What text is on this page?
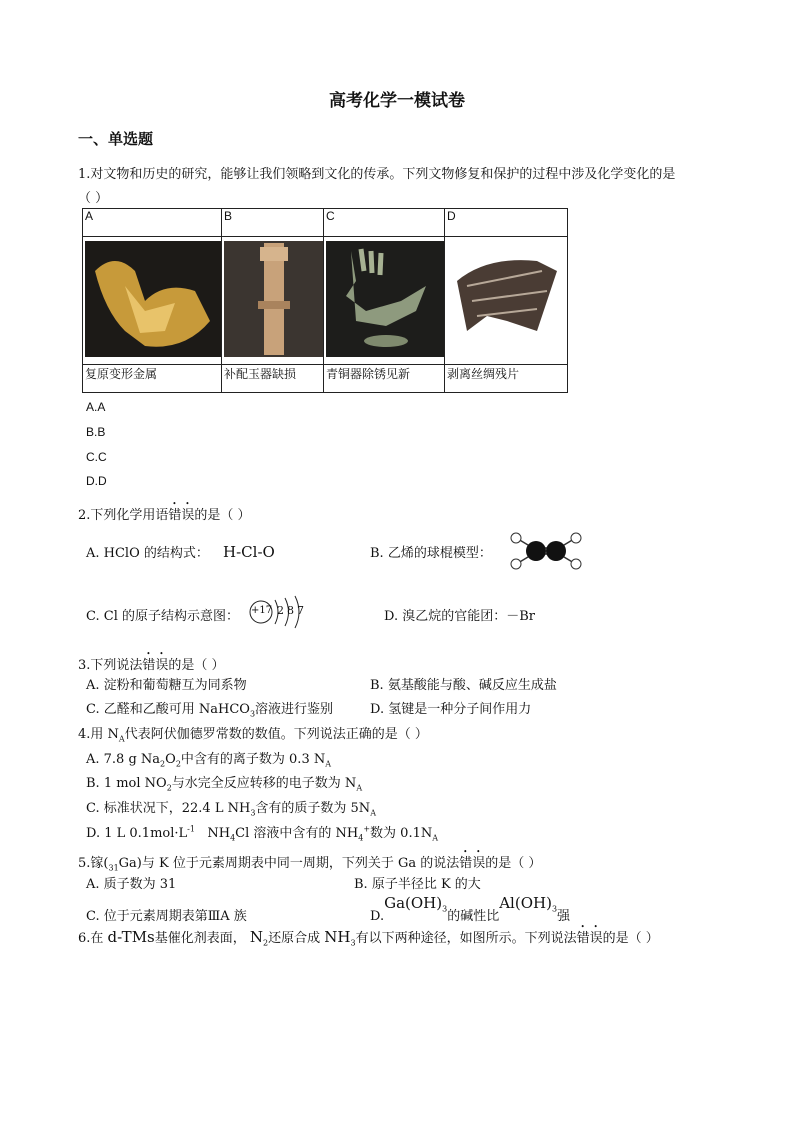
高考化学一模试卷
一、单选题
1.对文物和历史的研究，能够让我们领略到文化的传承。下列文物修复和保护的过程中涉及化学变化的是
（ ）
A	B	C	D

复原变形金属	补配玉器缺损	青铜器除锈见新	剥离丝绸残片
A.A
B.B
C.C
D.D
2.下列化学用语错误的是（ ）
A. HClO 的结构式： H-Cl-O	B. 乙烯的球棍模型：
C. Cl 的原子结构示意图： +17 2 8 7	D. 溴乙烷的官能团：－Br
3.下列说法错误的是（ ）
A. 淀粉和葡萄糖互为同系物	B. 氨基酸能与酸、碱反应生成盐
C. 乙醛和乙酸可用 NaHCO$_3$溶液进行鉴别	D. 氢键是一种分子间作用力
4.用 $N_A$代表阿伏伽德罗常数的数值。下列说法正确的是（ ）
A. 7.8 g $Na_2O_2$中含有的离子数为 0.3 $N_A$
B. 1 mol $NO_2$与水完全反应转移的电子数为 $N_A$
C. 标准状况下，22.4 L $NH_3$含有的质子数为 $5N_A$
D. 1 L $0.1mol\cdot L^{-1}$   $NH_4Cl$ 溶液中含有的 $NH_4^+$数为 $0.1N_A$
5.镓$(_{31}Ga)$与 K 位于元素周期表中同一周期，下列关于 Ga 的说法错误的是（ ）
A. 质子数为 31	B. 原子半径比 K 的大
C. 位于元素周期表第ⅢA 族	$D.Ga(OH)_3$的碱性比$Al(OH)_3$强
6.在 d-TMs基催化剂表面， $N_2$还原合成 $NH_3$有以下两种途径，如图所示。下列说法错误的是（ ）
